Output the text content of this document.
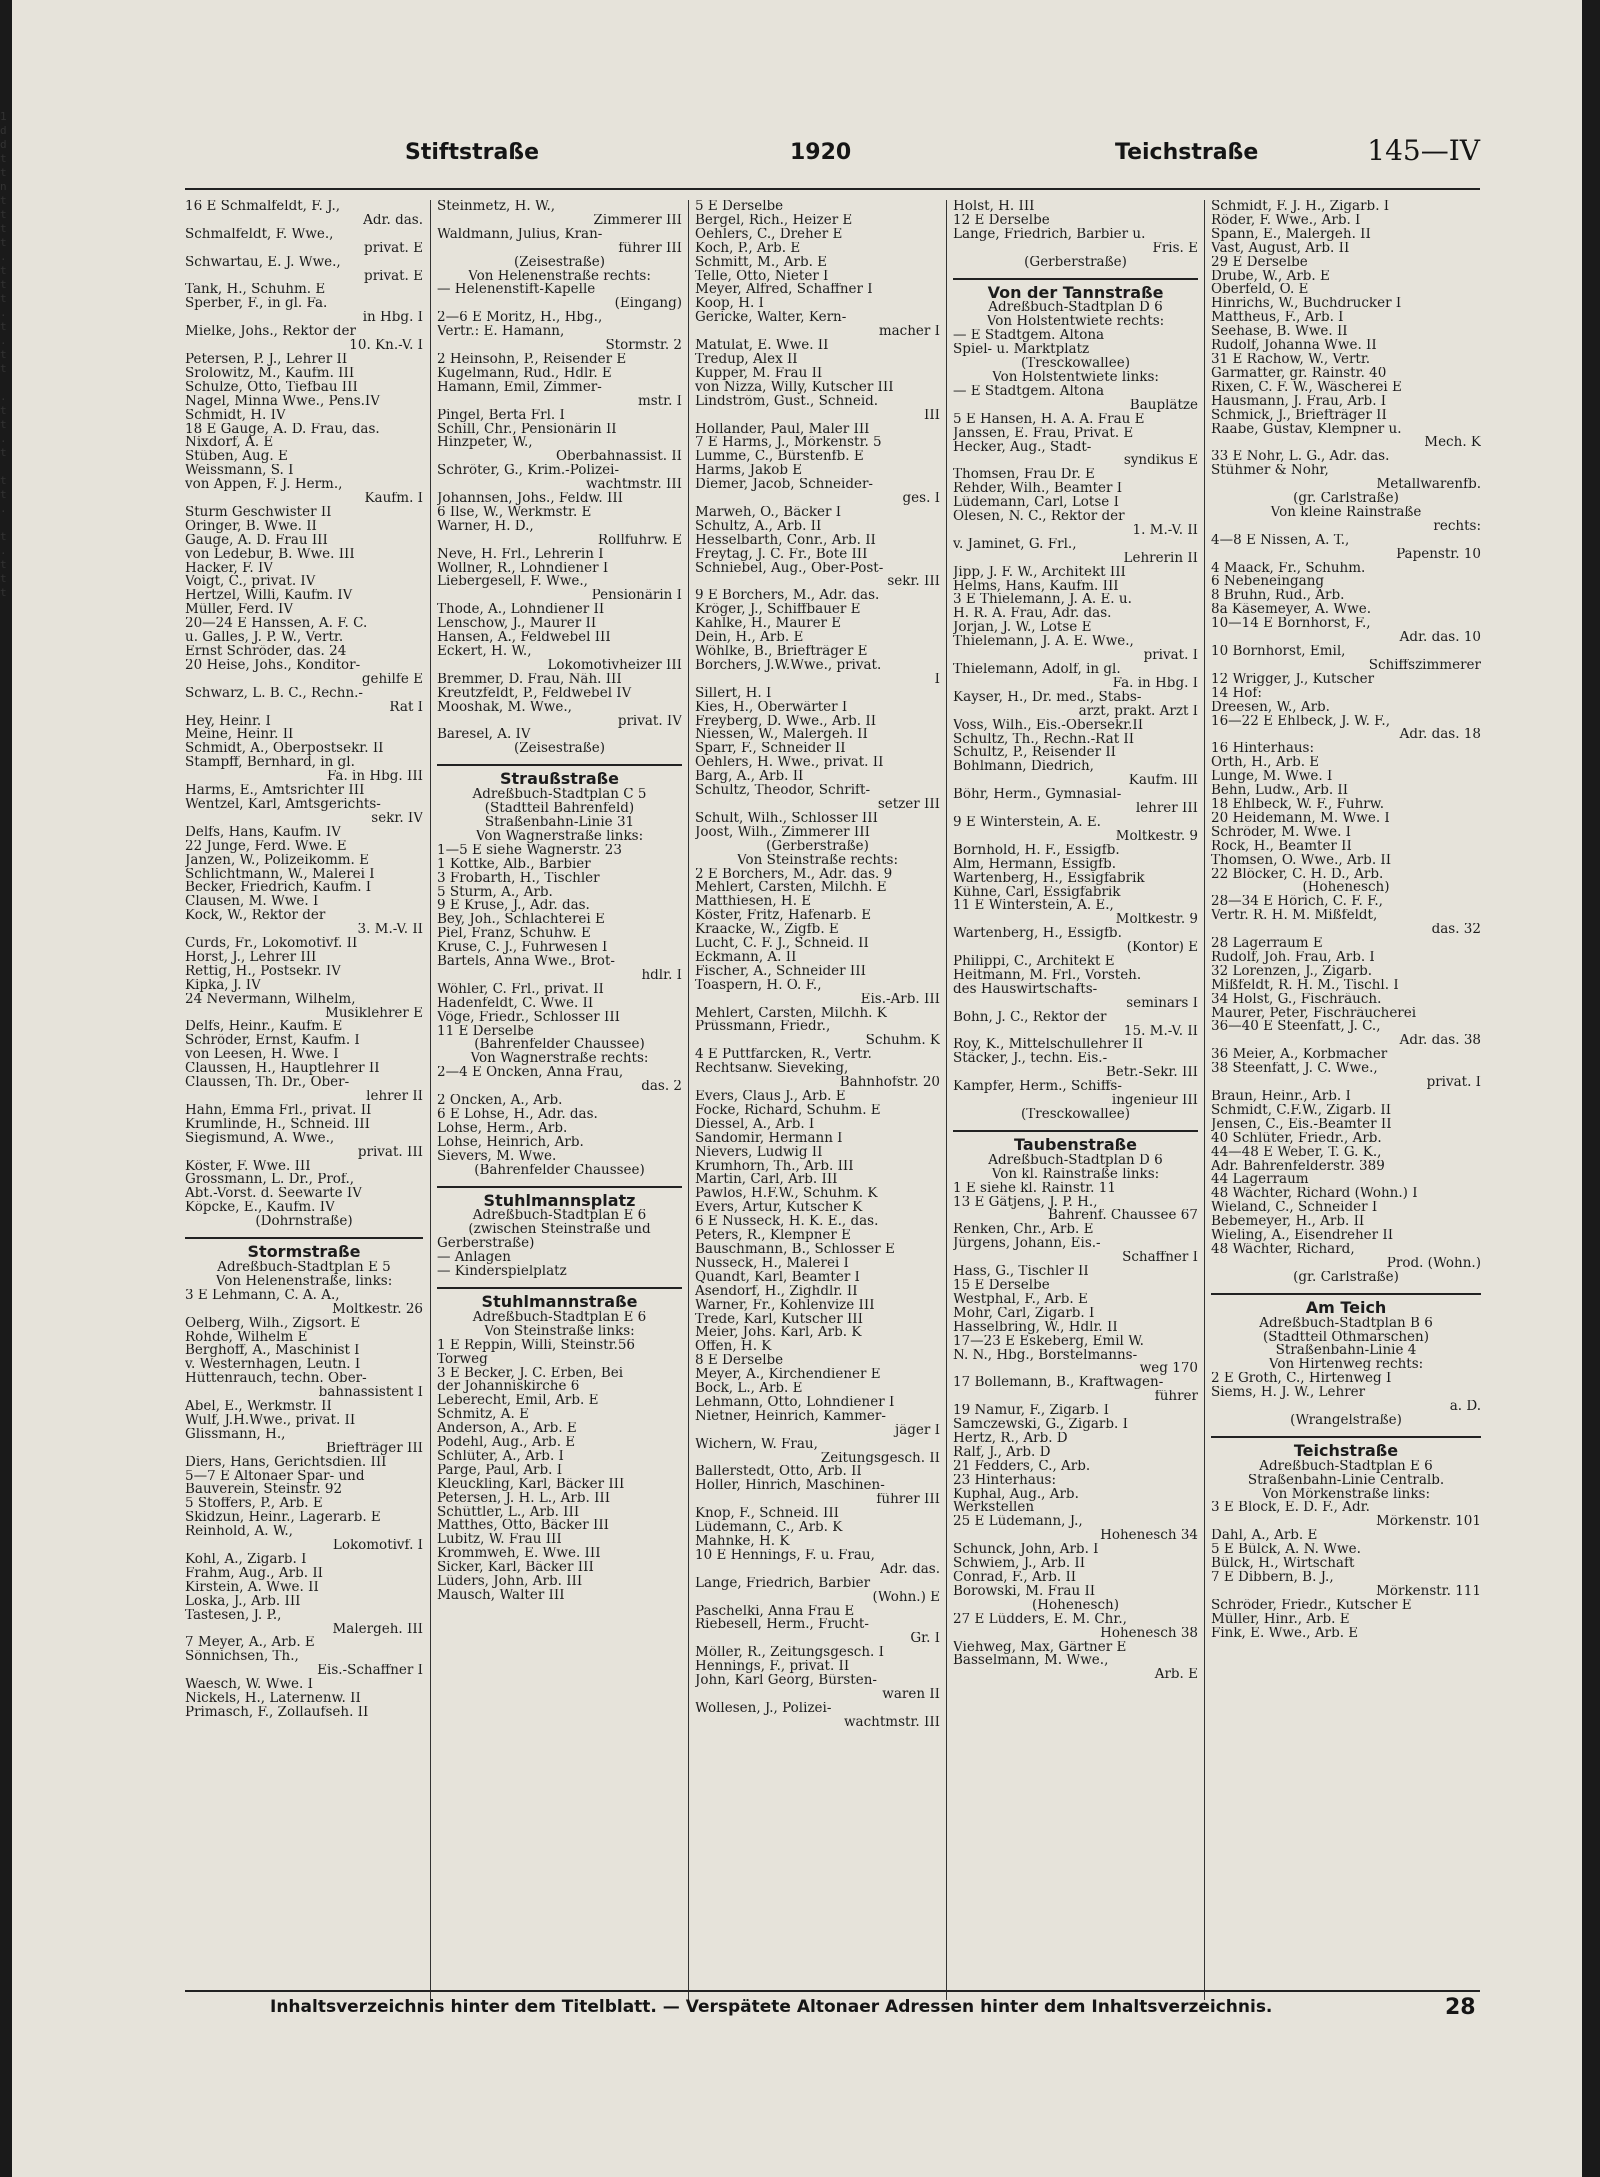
1
d
d
t
t
n
t
t
t
t
.
t
t
t
.
t
.
t
t

.
t
t
.
t

t
t
.

t
.
t
t
t
Stiftstraße	1920	Teichstraße	145—IV
16 E Schmalfeldt, F. J.,
Adr. das.
Schmalfeldt, F. Wwe.,
privat. E
Schwartau, E. J. Wwe.,
privat. E
Tank, H., Schuhm. E
Sperber, F., in gl. Fa.
in Hbg. I
Mielke, Johs., Rektor der
10. Kn.-V. I
Petersen, P. J., Lehrer II
Srolowitz, M., Kaufm. III
Schulze, Otto, Tiefbau III
Nagel, Minna Wwe., Pens.IV
Schmidt, H. IV
18 E Gauge, A. D. Frau, das.
Nixdorf, A. E
Stüben, Aug. E
Weissmann, S. I
von Appen, F. J. Herm.,
Kaufm. I
Sturm Geschwister II
Oringer, B. Wwe. II
Gauge, A. D. Frau III
von Ledebur, B. Wwe. III
Hacker, F. IV
Voigt, C., privat. IV
Hertzel, Willi, Kaufm. IV
Müller, Ferd. IV
20—24 E Hanssen, A. F. C.
u. Galles, J. P. W., Vertr.
Ernst Schröder, das. 24
20 Heise, Johs., Konditor-
gehilfe E
Schwarz, L. B. C., Rechn.-
Rat I
Hey, Heinr. I
Meine, Heinr. II
Schmidt, A., Oberpostsekr. II
Stampff, Bernhard, in gl.
Fa. in Hbg. III
Harms, E., Amtsrichter III
Wentzel, Karl, Amtsgerichts-
sekr. IV
Delfs, Hans, Kaufm. IV
22 Junge, Ferd. Wwe. E
Janzen, W., Polizeikomm. E
Schlichtmann, W., Malerei I
Becker, Friedrich, Kaufm. I
Clausen, M. Wwe. I
Kock, W., Rektor der
3. M.-V. II
Curds, Fr., Lokomotivf. II
Horst, J., Lehrer III
Rettig, H., Postsekr. IV
Kipka, J. IV
24 Nevermann, Wilhelm,
Musiklehrer E
Delfs, Heinr., Kaufm. E
Schröder, Ernst, Kaufm. I
von Leesen, H. Wwe. I
Claussen, H., Hauptlehrer II
Claussen, Th. Dr., Ober-
lehrer II
Hahn, Emma Frl., privat. II
Krumlinde, H., Schneid. III
Siegismund, A. Wwe.,
privat. III
Köster, F. Wwe. III
Grossmann, L. Dr., Prof.,
Abt.-Vorst. d. Seewarte IV
Köpcke, E., Kaufm. IV
(Dohrnstraße)
Stormstraße
Adreßbuch-Stadtplan E 5
Von Helenenstraße, links:
3 E Lehmann, C. A. A.,
Moltkestr. 26
Oelberg, Wilh., Zigsort. E
Rohde, Wilhelm E
Berghoff, A., Maschinist I
v. Westernhagen, Leutn. I
Hüttenrauch, techn. Ober-
bahnassistent I
Abel, E., Werkmstr. II
Wulf, J.H.Wwe., privat. II
Glissmann, H.,
Briefträger III
Diers, Hans, Gerichtsdien. III
5—7 E Altonaer Spar- und
Bauverein, Steinstr. 92
5 Stoffers, P., Arb. E
Skidzun, Heinr., Lagerarb. E
Reinhold, A. W.,
Lokomotivf. I
Kohl, A., Zigarb. I
Frahm, Aug., Arb. II
Kirstein, A. Wwe. II
Loska, J., Arb. III
Tastesen, J. P.,
Malergeh. III
7 Meyer, A., Arb. E
Sönnichsen, Th.,
Eis.-Schaffner I
Waesch, W. Wwe. I
Nickels, H., Laternenw. II
Primasch, F., Zollaufseh. II
Steinmetz, H. W.,
Zimmerer III
Waldmann, Julius, Kran-
führer III
(Zeisestraße)
Von Helenenstraße rechts:
— Helenenstift-Kapelle
(Eingang)
2—6 E Moritz, H., Hbg.,
Vertr.: E. Hamann,
Stormstr. 2
2 Heinsohn, P., Reisender E
Kugelmann, Rud., Hdlr. E
Hamann, Emil, Zimmer-
mstr. I
Pingel, Berta Frl. I
Schill, Chr., Pensionärin II
Hinzpeter, W.,
Oberbahnassist. II
Schröter, G., Krim.-Polizei-
wachtmstr. III
Johannsen, Johs., Feldw. III
6 Ilse, W., Werkmstr. E
Warner, H. D.,
Rollfuhrw. E
Neve, H. Frl., Lehrerin I
Wollner, R., Lohndiener I
Liebergesell, F. Wwe.,
Pensionärin I
Thode, A., Lohndiener II
Lenschow, J., Maurer II
Hansen, A., Feldwebel III
Eckert, H. W.,
Lokomotivheizer III
Bremmer, D. Frau, Näh. III
Kreutzfeldt, P., Feldwebel IV
Mooshak, M. Wwe.,
privat. IV
Baresel, A. IV
(Zeisestraße)
Straußstraße
Adreßbuch-Stadtplan C 5
(Stadtteil Bahrenfeld)
Straßenbahn-Linie 31
Von Wagnerstraße links:
1—5 E siehe Wagnerstr. 23
1 Kottke, Alb., Barbier
3 Frobarth, H., Tischler
5 Sturm, A., Arb.
9 E Kruse, J., Adr. das.
Bey, Joh., Schlachterei E
Piel, Franz, Schuhw. E
Kruse, C. J., Fuhrwesen I
Bartels, Anna Wwe., Brot-
hdlr. I
Wöhler, C. Frl., privat. II
Hadenfeldt, C. Wwe. II
Vöge, Friedr., Schlosser III
11 E Derselbe
(Bahrenfelder Chaussee)
Von Wagnerstraße rechts:
2—4 E Oncken, Anna Frau,
das. 2
2 Oncken, A., Arb.
6 E Lohse, H., Adr. das.
Lohse, Herm., Arb.
Lohse, Heinrich, Arb.
Sievers, M. Wwe.
(Bahrenfelder Chaussee)
Stuhlmannsplatz
Adreßbuch-Stadtplan E 6
(zwischen Steinstraße und
Gerberstraße)
— Anlagen
— Kinderspielplatz
Stuhlmannstraße
Adreßbuch-Stadtplan E 6
Von Steinstraße links:
1 E Reppin, Willi, Steinstr.56
Torweg
3 E Becker, J. C. Erben, Bei
der Johanniskirche 6
Leberecht, Emil, Arb. E
Schmitz, A. E
Anderson, A., Arb. E
Podehl, Aug., Arb. E
Schlüter, A., Arb. I
Parge, Paul, Arb. I
Kleuckling, Karl, Bäcker III
Petersen, J. H. L., Arb. III
Schüttler, L., Arb. III
Matthes, Otto, Bäcker III
Lubitz, W. Frau III
Krommweh, E. Wwe. III
Sicker, Karl, Bäcker III
Lüders, John, Arb. III
Mausch, Walter III
5 E Derselbe
Bergel, Rich., Heizer E
Oehlers, C., Dreher E
Koch, P., Arb. E
Schmitt, M., Arb. E
Telle, Otto, Nieter I
Meyer, Alfred, Schaffner I
Koop, H. I
Gericke, Walter, Kern-
macher I
Matulat, E. Wwe. II
Tredup, Alex II
Kupper, M. Frau II
von Nizza, Willy, Kutscher III
Lindström, Gust., Schneid.
III
Hollander, Paul, Maler III
7 E Harms, J., Mörkenstr. 5
Lumme, C., Bürstenfb. E
Harms, Jakob E
Diemer, Jacob, Schneider-
ges. I
Marweh, O., Bäcker I
Schultz, A., Arb. II
Hesselbarth, Conr., Arb. II
Freytag, J. C. Fr., Bote III
Schniebel, Aug., Ober-Post-
sekr. III
9 E Borchers, M., Adr. das.
Kröger, J., Schiffbauer E
Kahlke, H., Maurer E
Dein, H., Arb. E
Wöhlke, B., Briefträger E
Borchers, J.W.Wwe., privat.
I
Sillert, H. I
Kies, H., Oberwärter I
Freyberg, D. Wwe., Arb. II
Niessen, W., Malergeh. II
Sparr, F., Schneider II
Oehlers, H. Wwe., privat. II
Barg, A., Arb. II
Schultz, Theodor, Schrift-
setzer III
Schult, Wilh., Schlosser III
Joost, Wilh., Zimmerer III
(Gerberstraße)
Von Steinstraße rechts:
2 E Borchers, M., Adr. das. 9
Mehlert, Carsten, Milchh. E
Matthiesen, H. E
Köster, Fritz, Hafenarb. E
Kraacke, W., Zigfb. E
Lucht, C. F. J., Schneid. II
Eckmann, A. II
Fischer, A., Schneider III
Toaspern, H. O. F.,
Eis.-Arb. III
Mehlert, Carsten, Milchh. K
Prüssmann, Friedr.,
Schuhm. K
4 E Puttfarcken, R., Vertr.
Rechtsanw. Sieveking,
Bahnhofstr. 20
Evers, Claus J., Arb. E
Focke, Richard, Schuhm. E
Diessel, A., Arb. I
Sandomir, Hermann I
Nievers, Ludwig II
Krumhorn, Th., Arb. III
Martin, Carl, Arb. III
Pawlos, H.F.W., Schuhm. K
Evers, Artur, Kutscher K
6 E Nusseck, H. K. E., das.
Peters, R., Klempner E
Bauschmann, B., Schlosser E
Nusseck, H., Malerei I
Quandt, Karl, Beamter I
Asendorf, H., Zighdlr. II
Warner, Fr., Kohlenvize III
Trede, Karl, Kutscher III
Meier, Johs. Karl, Arb. K
Offen, H. K
8 E Derselbe
Meyer, A., Kirchendiener E
Bock, L., Arb. E
Lehmann, Otto, Lohndiener I
Nietner, Heinrich, Kammer-
jäger I
Wichern, W. Frau,
Zeitungsgesch. II
Ballerstedt, Otto, Arb. II
Holler, Hinrich, Maschinen-
führer III
Knop, F., Schneid. III
Lüdemann, C., Arb. K
Mahnke, H. K
10 E Hennings, F. u. Frau,
Adr. das.
Lange, Friedrich, Barbier
(Wohn.) E
Paschelki, Anna Frau E
Riebesell, Herm., Frucht-
Gr. I
Möller, R., Zeitungsgesch. I
Hennings, F., privat. II
John, Karl Georg, Bürsten-
waren II
Wollesen, J., Polizei-
wachtmstr. III
Holst, H. III
12 E Derselbe
Lange, Friedrich, Barbier u.
Fris. E
(Gerberstraße)
Von der Tannstraße
Adreßbuch-Stadtplan D 6
Von Holstentwiete rechts:
— E Stadtgem. Altona
Spiel- u. Marktplatz
(Tresckowallee)
Von Holstentwiete links:
— E Stadtgem. Altona
Bauplätze
5 E Hansen, H. A. A. Frau E
Janssen, E. Frau, Privat. E
Hecker, Aug., Stadt-
syndikus E
Thomsen, Frau Dr. E
Rehder, Wilh., Beamter I
Lüdemann, Carl, Lotse I
Olesen, N. C., Rektor der
1. M.-V. II
v. Jaminet, G. Frl.,
Lehrerin II
Jipp, J. F. W., Architekt III
Helms, Hans, Kaufm. III
3 E Thielemann, J. A. E. u.
H. R. A. Frau, Adr. das.
Jorjan, J. W., Lotse E
Thielemann, J. A. E. Wwe.,
privat. I
Thielemann, Adolf, in gl.
Fa. in Hbg. I
Kayser, H., Dr. med., Stabs-
arzt, prakt. Arzt I
Voss, Wilh., Eis.-Obersekr.II
Schultz, Th., Rechn.-Rat II
Schultz, P., Reisender II
Bohlmann, Diedrich,
Kaufm. III
Böhr, Herm., Gymnasial-
lehrer III
9 E Winterstein, A. E.
Moltkestr. 9
Bornhold, H. F., Essigfb.
Alm, Hermann, Essigfb.
Wartenberg, H., Essigfabrik
Kühne, Carl, Essigfabrik
11 E Winterstein, A. E.,
Moltkestr. 9
Wartenberg, H., Essigfb.
(Kontor) E
Philippi, C., Architekt E
Heitmann, M. Frl., Vorsteh.
des Hauswirtschafts-
seminars I
Bohn, J. C., Rektor der
15. M.-V. II
Roy, K., Mittelschullehrer II
Stäcker, J., techn. Eis.-
Betr.-Sekr. III
Kampfer, Herm., Schiffs-
ingenieur III
(Tresckowallee)
Taubenstraße
Adreßbuch-Stadtplan D 6
Von kl. Rainstraße links:
1 E siehe kl. Rainstr. 11
13 E Gätjens, J. P. H.,
Bahrenf. Chaussee 67
Renken, Chr., Arb. E
Jürgens, Johann, Eis.-
Schaffner I
Hass, G., Tischler II
15 E Derselbe
Westphal, F., Arb. E
Mohr, Carl, Zigarb. I
Hasselbring, W., Hdlr. II
17—23 E Eskeberg, Emil W.
N. N., Hbg., Borstelmanns-
weg 170
17 Bollemann, B., Kraftwagen-
führer
19 Namur, F., Zigarb. I
Samczewski, G., Zigarb. I
Hertz, R., Arb. D
Ralf, J., Arb. D
21 Fedders, C., Arb.
23 Hinterhaus:
Kuphal, Aug., Arb.
Werkstellen
25 E Lüdemann, J.,
Hohenesch 34
Schunck, John, Arb. I
Schwiem, J., Arb. II
Conrad, F., Arb. II
Borowski, M. Frau II
(Hohenesch)
27 E Lüdders, E. M. Chr.,
Hohenesch 38
Viehweg, Max, Gärtner E
Basselmann, M. Wwe.,
Arb. E
Schmidt, F. J. H., Zigarb. I
Röder, F. Wwe., Arb. I
Spann, E., Malergeh. II
Vast, August, Arb. II
29 E Derselbe
Drube, W., Arb. E
Oberfeld, O. E
Hinrichs, W., Buchdrucker I
Mattheus, F., Arb. I
Seehase, B. Wwe. II
Rudolf, Johanna Wwe. II
31 E Rachow, W., Vertr.
Garmatter, gr. Rainstr. 40
Rixen, C. F. W., Wäscherei E
Hausmann, J. Frau, Arb. I
Schmick, J., Briefträger II
Raabe, Gustav, Klempner u.
Mech. K
33 E Nohr, L. G., Adr. das.
Stühmer & Nohr,
Metallwarenfb.
(gr. Carlstraße)
Von kleine Rainstraße
rechts:
4—8 E Nissen, A. T.,
Papenstr. 10
4 Maack, Fr., Schuhm.
6 Nebeneingang
8 Bruhn, Rud., Arb.
8a Käsemeyer, A. Wwe.
10—14 E Bornhorst, F.,
Adr. das. 10
10 Bornhorst, Emil,
Schiffszimmerer
12 Wrigger, J., Kutscher
14 Hof:
Dreesen, W., Arb.
16—22 E Ehlbeck, J. W. F.,
Adr. das. 18
16 Hinterhaus:
Orth, H., Arb. E
Lunge, M. Wwe. I
Behn, Ludw., Arb. II
18 Ehlbeck, W. F., Fuhrw.
20 Heidemann, M. Wwe. I
Schröder, M. Wwe. I
Rock, H., Beamter II
Thomsen, O. Wwe., Arb. II
22 Blöcker, C. H. D., Arb.
(Hohenesch)
28—34 E Hörich, C. F. F.,
Vertr. R. H. M. Mißfeldt,
das. 32
28 Lagerraum E
Rudolf, Joh. Frau, Arb. I
32 Lorenzen, J., Zigarb.
Mißfeldt, R. H. M., Tischl. I
34 Holst, G., Fischräuch.
Maurer, Peter, Fischräucherei
36—40 E Steenfatt, J. C.,
Adr. das. 38
36 Meier, A., Korbmacher
38 Steenfatt, J. C. Wwe.,
privat. I
Braun, Heinr., Arb. I
Schmidt, C.F.W., Zigarb. II
Jensen, C., Eis.-Beamter II
40 Schlüter, Friedr., Arb.
44—48 E Weber, T. G. K.,
Adr. Bahrenfelderstr. 389
44 Lagerraum
48 Wächter, Richard (Wohn.) I
Wieland, C., Schneider I
Bebemeyer, H., Arb. II
Wieling, A., Eisendreher II
48 Wächter, Richard,
Prod. (Wohn.)
(gr. Carlstraße)
Am Teich
Adreßbuch-Stadtplan B 6
(Stadtteil Othmarschen)
Straßenbahn-Linie 4
Von Hirtenweg rechts:
2 E Groth, C., Hirtenweg I
Siems, H. J. W., Lehrer
a. D.
(Wrangelstraße)
Teichstraße
Adreßbuch-Stadtplan E 6
Straßenbahn-Linie Centralb.
Von Mörkenstraße links:
3 E Block, E. D. F., Adr.
Mörkenstr. 101
Dahl, A., Arb. E
5 E Bülck, A. N. Wwe.
Bülck, H., Wirtschaft
7 E Dibbern, B. J.,
Mörkenstr. 111
Schröder, Friedr., Kutscher E
Müller, Hinr., Arb. E
Fink, E. Wwe., Arb. E
Inhaltsverzeichnis hinter dem Titelblatt. — Verspätete Altonaer Adressen hinter dem Inhaltsverzeichnis.	28
